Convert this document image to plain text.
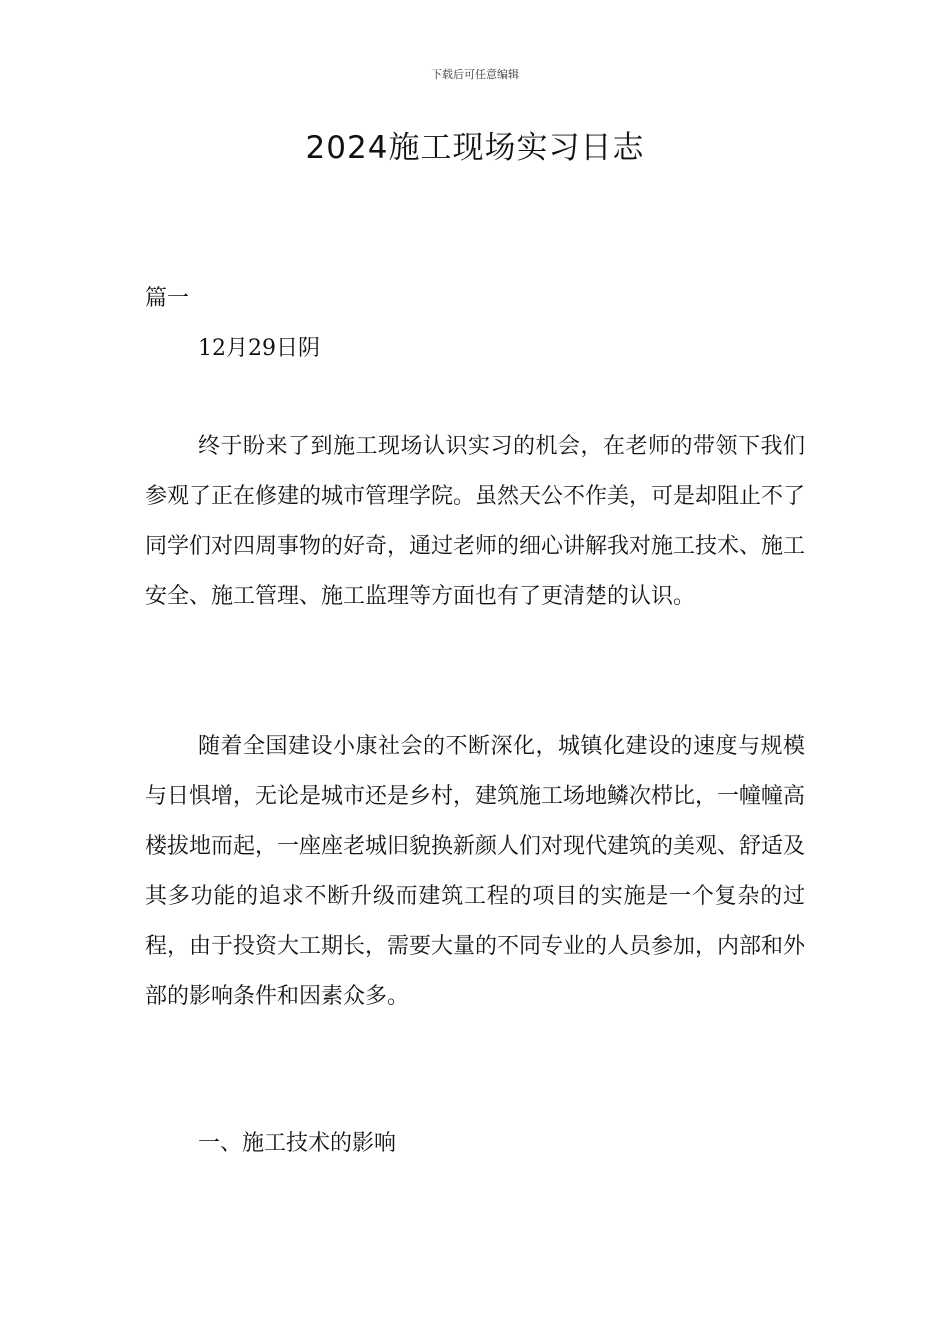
下载后可任意编辑
2024施工现场实习日志
篇一
12月29日阴

终于盼来了到施工现场认识实习的机会，在老师的带领下我们参观了正在修建的城市管理学院。虽然天公不作美，可是却阻止不了同学们对四周事物的好奇，通过老师的细心讲解我对施工技术、施工安全、施工管理、施工监理等方面也有了更清楚的认识。

随着全国建设小康社会的不断深化，城镇化建设的速度与规模与日惧增，无论是城市还是乡村，建筑施工场地鳞次栉比，一幢幢高楼拔地而起，一座座老城旧貌换新颜人们对现代建筑的美观、舒适及其多功能的追求不断升级而建筑工程的项目的实施是一个复杂的过程，由于投资大工期长，需要大量的不同专业的人员参加，内部和外部的影响条件和因素众多。

一、施工技术的影响
